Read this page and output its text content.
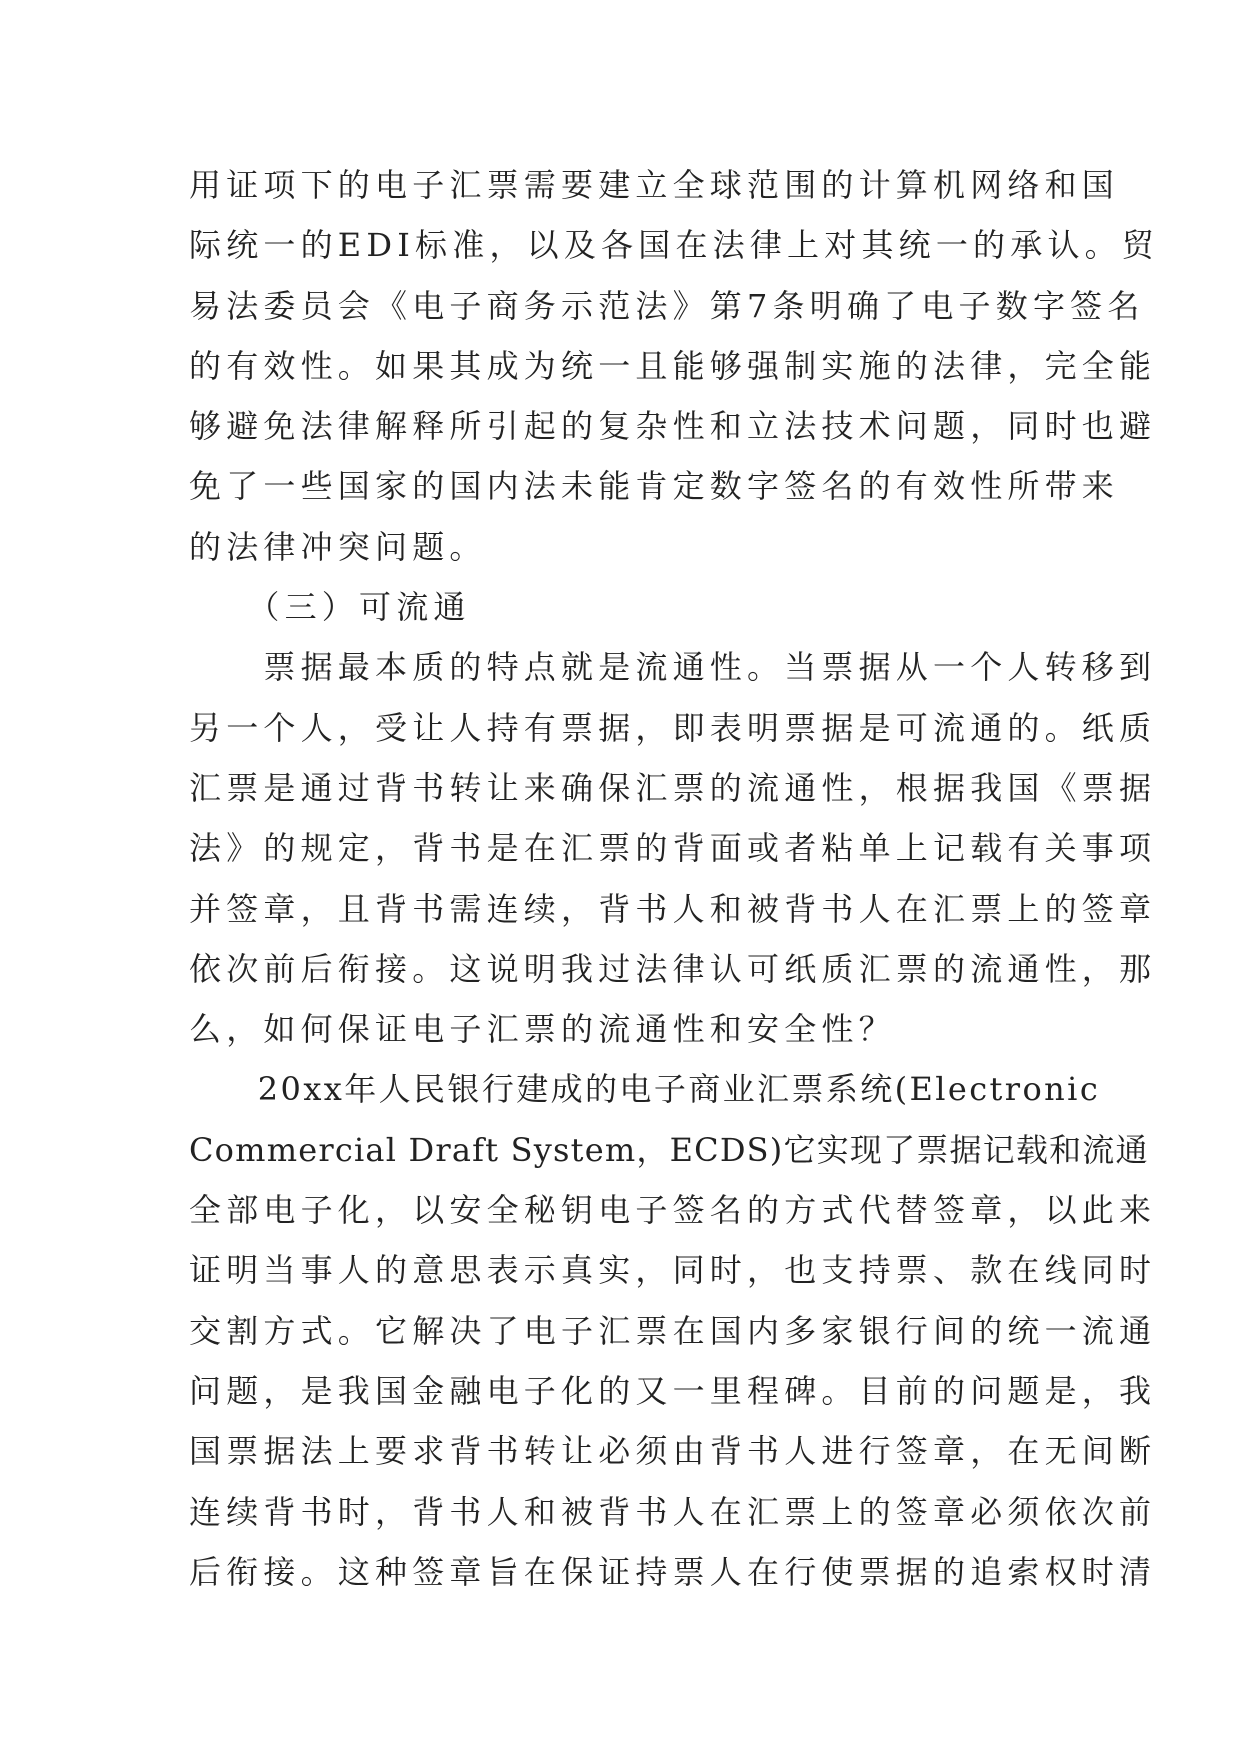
用证项下的电子汇票需要建立全球范围的计算机网络和国
际统一的EDI标准，以及各国在法律上对其统一的承认。贸
易法委员会《电子商务示范法》第7条明确了电子数字签名
的有效性。如果其成为统一且能够强制实施的法律，完全能
够避免法律解释所引起的复杂性和立法技术问题，同时也避
免了一些国家的国内法未能肯定数字签名的有效性所带来
的法律冲突问题。
　　（三）可流通
　　票据最本质的特点就是流通性。当票据从一个人转移到
另一个人，受让人持有票据，即表明票据是可流通的。纸质
汇票是通过背书转让来确保汇票的流通性，根据我国《票据
法》的规定，背书是在汇票的背面或者粘单上记载有关事项
并签章，且背书需连续，背书人和被背书人在汇票上的签章
依次前后衔接。这说明我过法律认可纸质汇票的流通性，那
么，如何保证电子汇票的流通性和安全性？
　　20xx年人民银行建成的电子商业汇票系统(Electronic
Commercial Draft System，ECDS)它实现了票据记载和流通
全部电子化，以安全秘钥电子签名的方式代替签章，以此来
证明当事人的意思表示真实，同时，也支持票、款在线同时
交割方式。它解决了电子汇票在国内多家银行间的统一流通
问题，是我国金融电子化的又一里程碑。目前的问题是，我
国票据法上要求背书转让必须由背书人进行签章，在无间断
连续背书时，背书人和被背书人在汇票上的签章必须依次前
后衔接。这种签章旨在保证持票人在行使票据的追索权时清
